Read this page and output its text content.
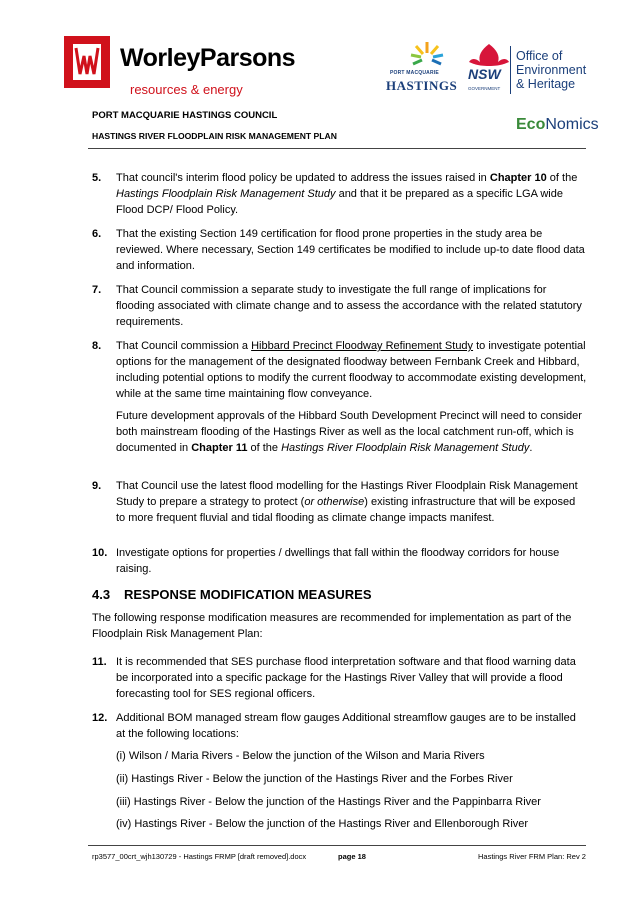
WorleyParsons
resources & energy
PORT MACQUARIE
HASTINGS
NSW
GOVERNMENT
Office of
Environment
& Heritage
PORT MACQUARIE HASTINGS COUNCIL
HASTINGS RIVER FLOODPLAIN RISK MANAGEMENT PLAN
EcoNomics
5. That council's interim flood policy be updated to address the issues raised in Chapter 10 of the Hastings Floodplain Risk Management Study and that it be prepared as a specific LGA wide Flood DCP/ Flood Policy.
6. That the existing Section 149 certification for flood prone properties in the study area be reviewed. Where necessary, Section 149 certificates be modified to include up-to date flood data and information.
7. That Council commission a separate study to investigate the full range of implications for flooding associated with climate change and to assess the accordance with the related statutory requirements.
8. That Council commission a Hibbard Precinct Floodway Refinement Study to investigate potential options for the management of the designated floodway between Fernbank Creek and Hibbard, including potential options to modify the current floodway to accommodate existing development, while at the same time maintaining flow conveyance.
Future development approvals of the Hibbard South Development Precinct will need to consider both mainstream flooding of the Hastings River as well as the local catchment run-off, which is documented in Chapter 11 of the Hastings River Floodplain Risk Management Study.
9. That Council use the latest flood modelling for the Hastings River Floodplain Risk Management Study to prepare a strategy to protect (or otherwise) existing infrastructure that will be exposed to more frequent fluvial and tidal flooding as climate change impacts manifest.
10. Investigate options for properties / dwellings that fall within the floodway corridors for house raising.
4.3 RESPONSE MODIFICATION MEASURES
The following response modification measures are recommended for implementation as part of the Floodplain Risk Management Plan:
11. It is recommended that SES purchase flood interpretation software and that flood warning data be incorporated into a specific package for the Hastings River Valley that will provide a flood forecasting tool for SES regional officers.
12. Additional BOM managed stream flow gauges Additional streamflow gauges are to be installed at the following locations:
(i) Wilson / Maria Rivers - Below the junction of the Wilson and Maria Rivers
(ii) Hastings River - Below the junction of the Hastings River and the Forbes River
(iii) Hastings River - Below the junction of the Hastings River and the Pappinbarra River
(iv) Hastings River - Below the junction of the Hastings River and Ellenborough River
rp3577_00crt_wjh130729 - Hastings FRMP [draft removed].docx	page 18	Hastings River FRM Plan: Rev 2
